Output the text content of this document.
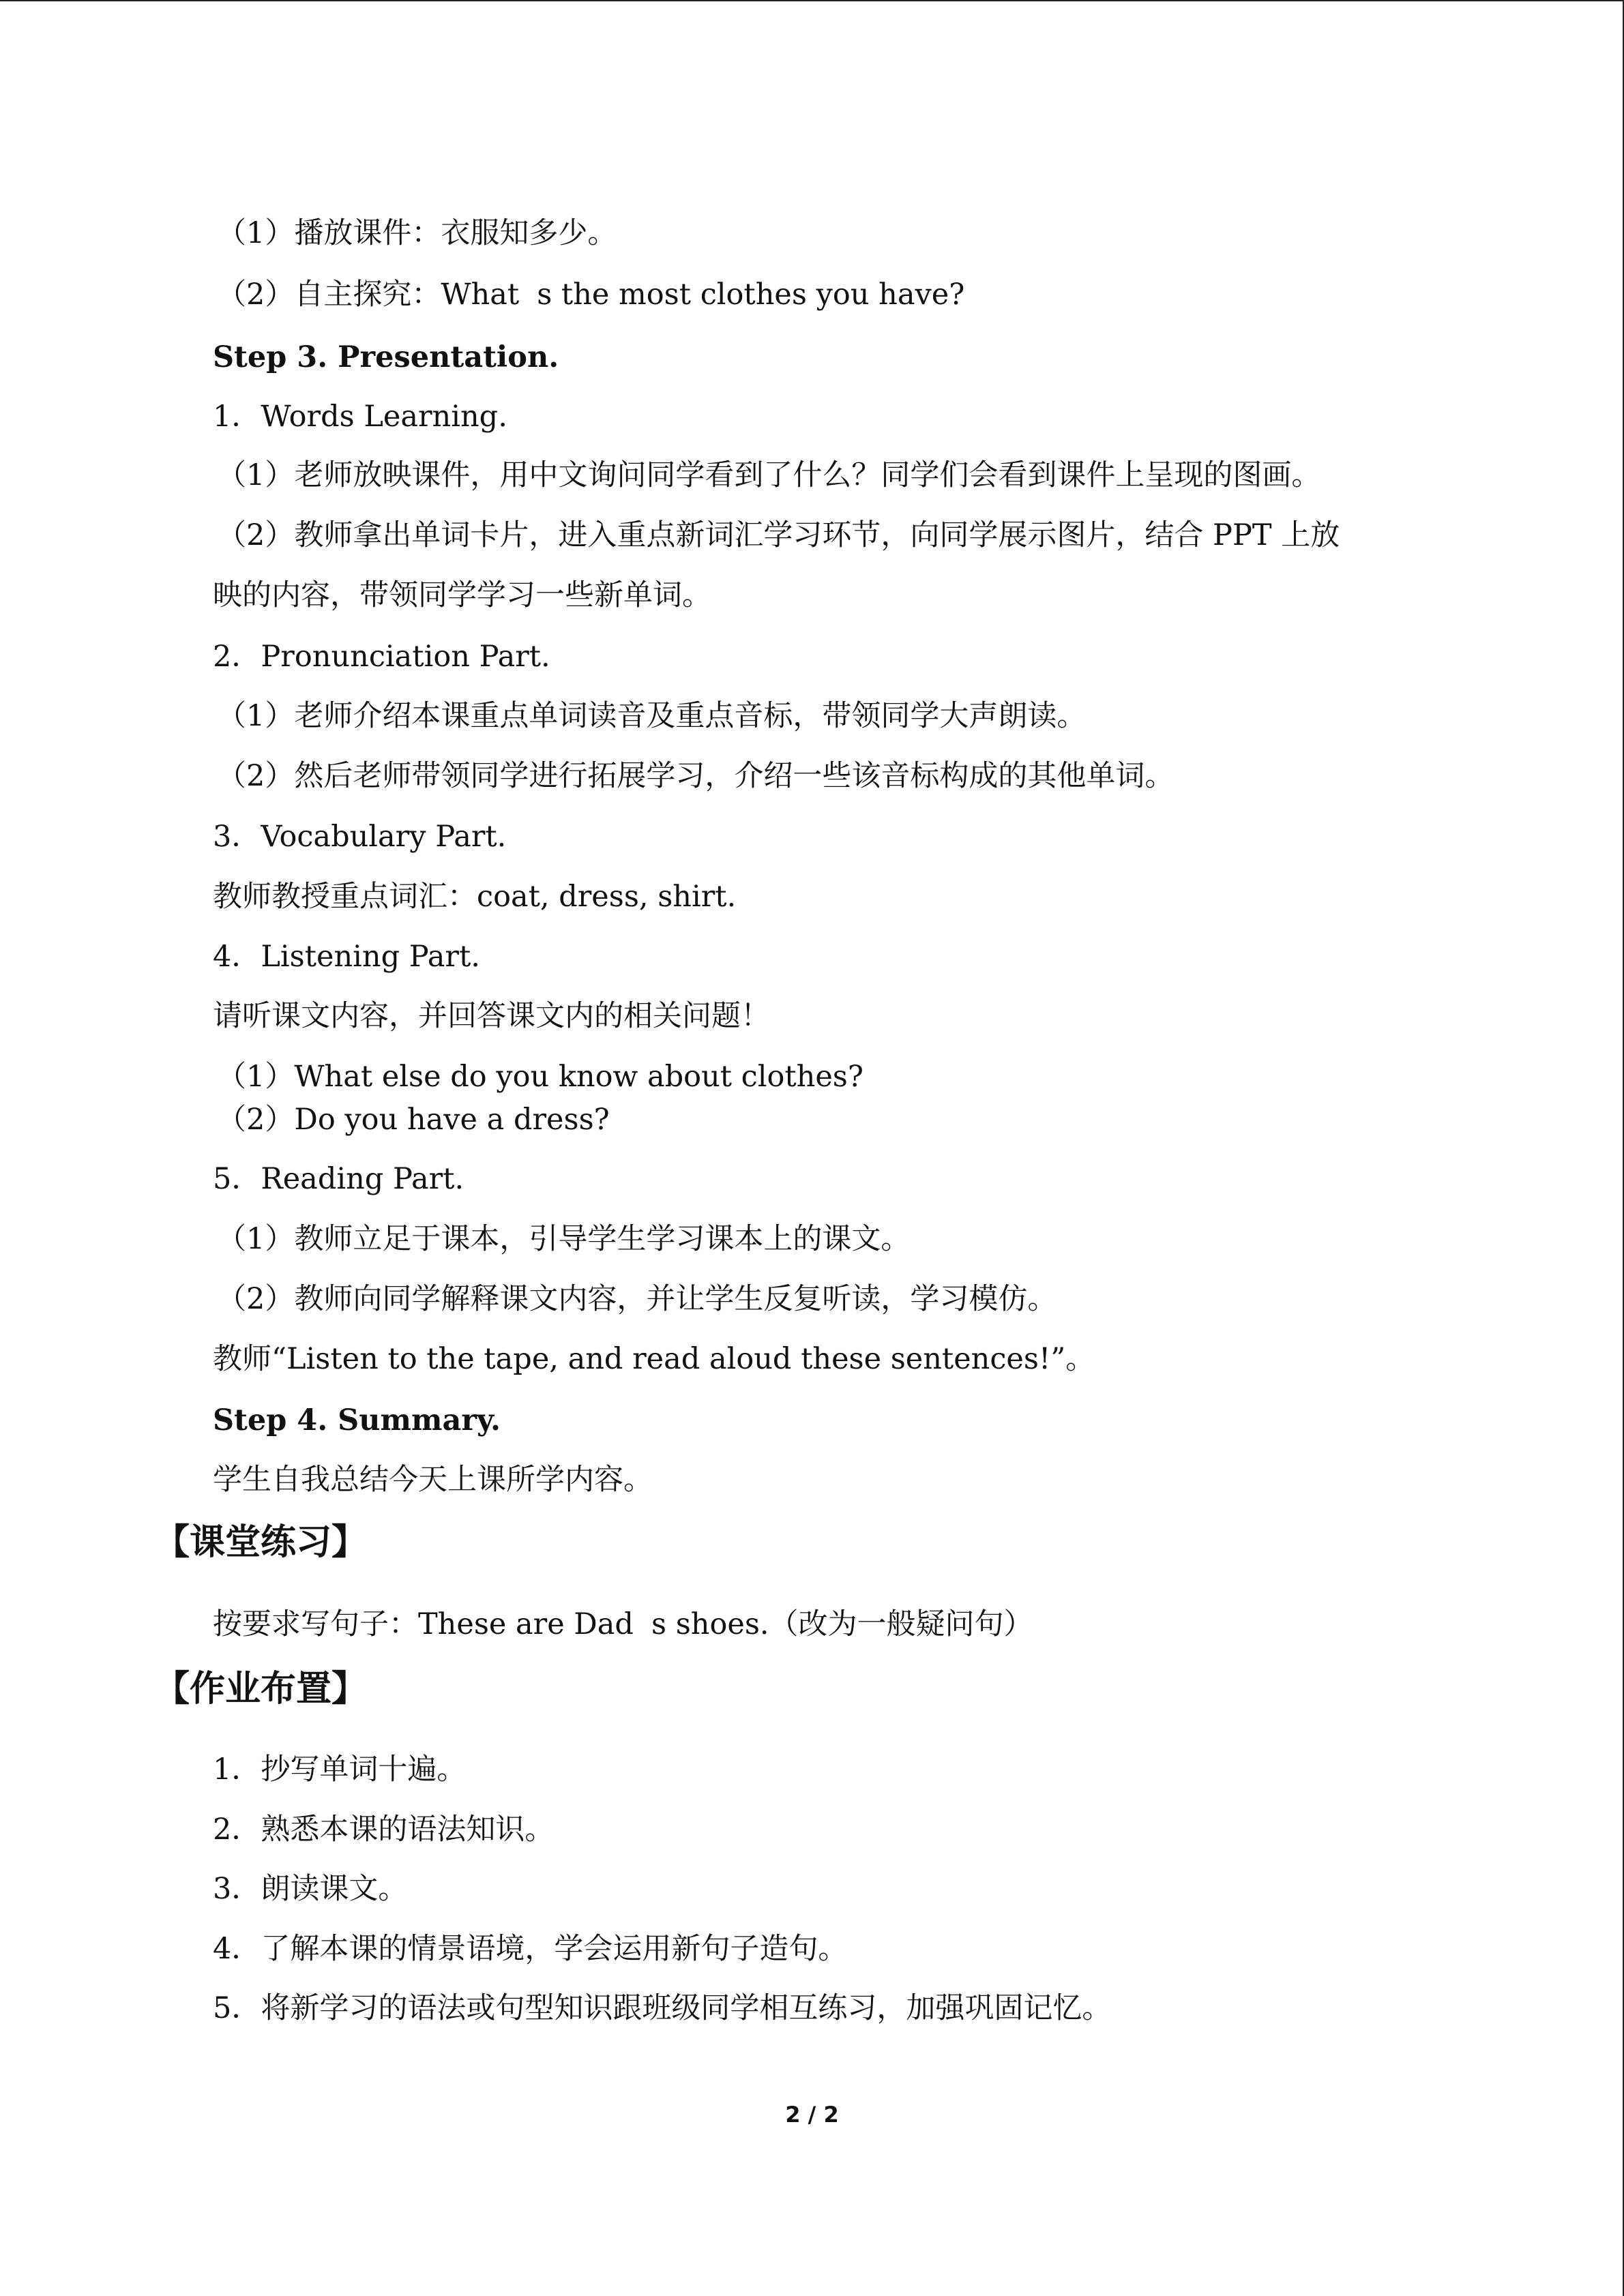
（1）播放课件：衣服知多少。
（2）自主探究：Whats the most clothes you have?
Step 3. Presentation.
1．Words Learning.
（1）老师放映课件，用中文询问同学看到了什么？同学们会看到课件上呈现的图画。
（2）教师拿出单词卡片，进入重点新词汇学习环节，向同学展示图片，结合 PPT 上放
映的内容，带领同学学习一些新单词。
2．Pronunciation Part.
（1）老师介绍本课重点单词读音及重点音标，带领同学大声朗读。
（2）然后老师带领同学进行拓展学习，介绍一些该音标构成的其他单词。
3．Vocabulary Part.
教师教授重点词汇：coat, dress, shirt.
4．Listening Part.
请听课文内容，并回答课文内的相关问题！
（1）What else do you know about clothes?
（2）Do you have a dress?
5．Reading Part.
（1）教师立足于课本，引导学生学习课本上的课文。
（2）教师向同学解释课文内容，并让学生反复听读，学习模仿。
教师“Listen to the tape, and read aloud these sentences!”。
Step 4. Summary.
学生自我总结今天上课所学内容。
【课堂练习】
按要求写句子：These are Dads shoes.（改为一般疑问句）
【作业布置】
1．抄写单词十遍。
2．熟悉本课的语法知识。
3．朗读课文。
4．了解本课的情景语境，学会运用新句子造句。
5．将新学习的语法或句型知识跟班级同学相互练习，加强巩固记忆。
2 / 2
